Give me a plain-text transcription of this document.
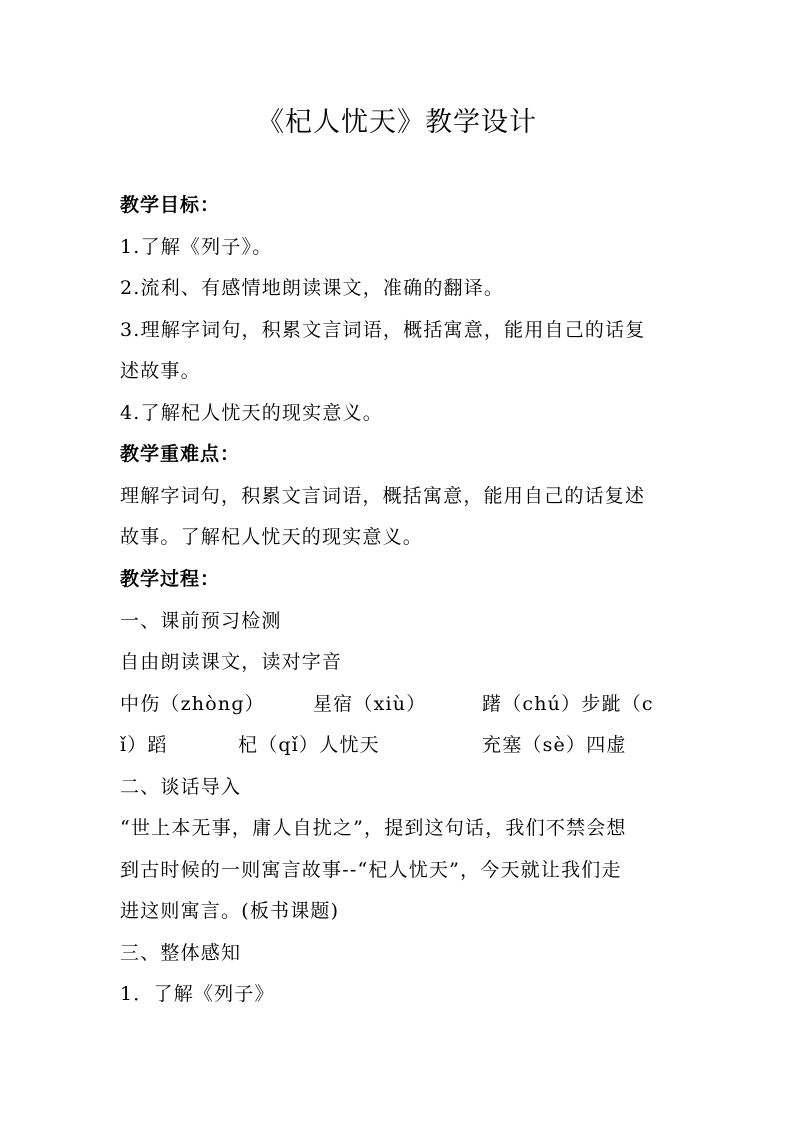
《杞人忧天》教学设计
教学目标：
1.了解《列子》。
2.流利、有感情地朗读课文，准确的翻译。
3.理解字词句，积累文言词语，概括寓意，能用自己的话复
述故事。
4.了解杞人忧天的现实意义。
教学重难点：
理解字词句，积累文言词语，概括寓意，能用自己的话复述
故事。了解杞人忧天的现实意义。
教学过程：
一、课前预习检测
自由朗读课文，读对字音
中伤（zhònɡ）	星宿（xiù）	躇（chú）步跐（c
ǐ）蹈	杞（qǐ）人忧天	充塞（sè）四虚
二、谈话导入
“世上本无事，庸人自扰之”，提到这句话，我们不禁会想
到古时候的一则寓言故事--“杞人忧天”，今天就让我们走
进这则寓言。(板书课题)
三、整体感知
1．了解《列子》
